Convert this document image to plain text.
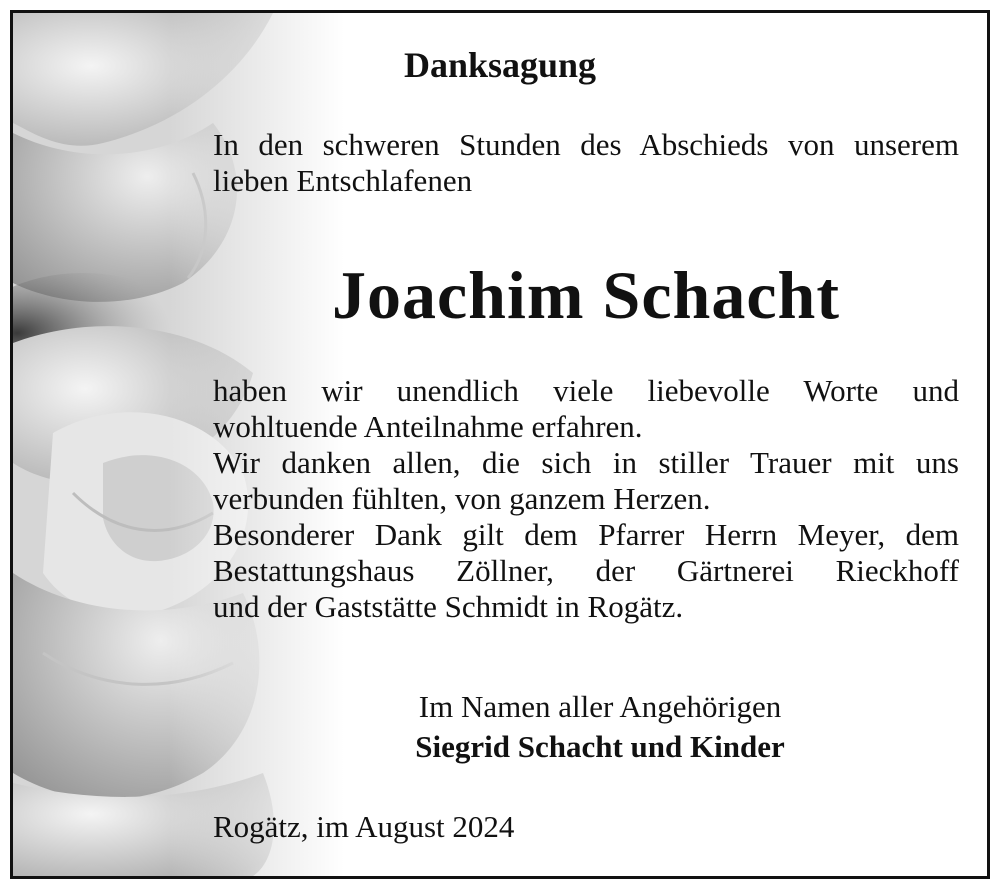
Danksagung

In den schweren Stunden des Abschieds von unserem
lieben Entschlafenen

Joachim Schacht

haben wir unendlich viele liebevolle Worte und
wohltuende Anteilnahme erfahren.
Wir danken allen, die sich in stiller Trauer mit uns
verbunden fühlten, von ganzem Herzen.
Besonderer Dank gilt dem Pfarrer Herrn Meyer, dem
Bestattungshaus Zöllner, der Gärtnerei Rieckhoff
und der Gaststätte Schmidt in Rogätz.

Im Namen aller Angehörigen
Siegrid Schacht und Kinder
Rogätz, im August 2024
